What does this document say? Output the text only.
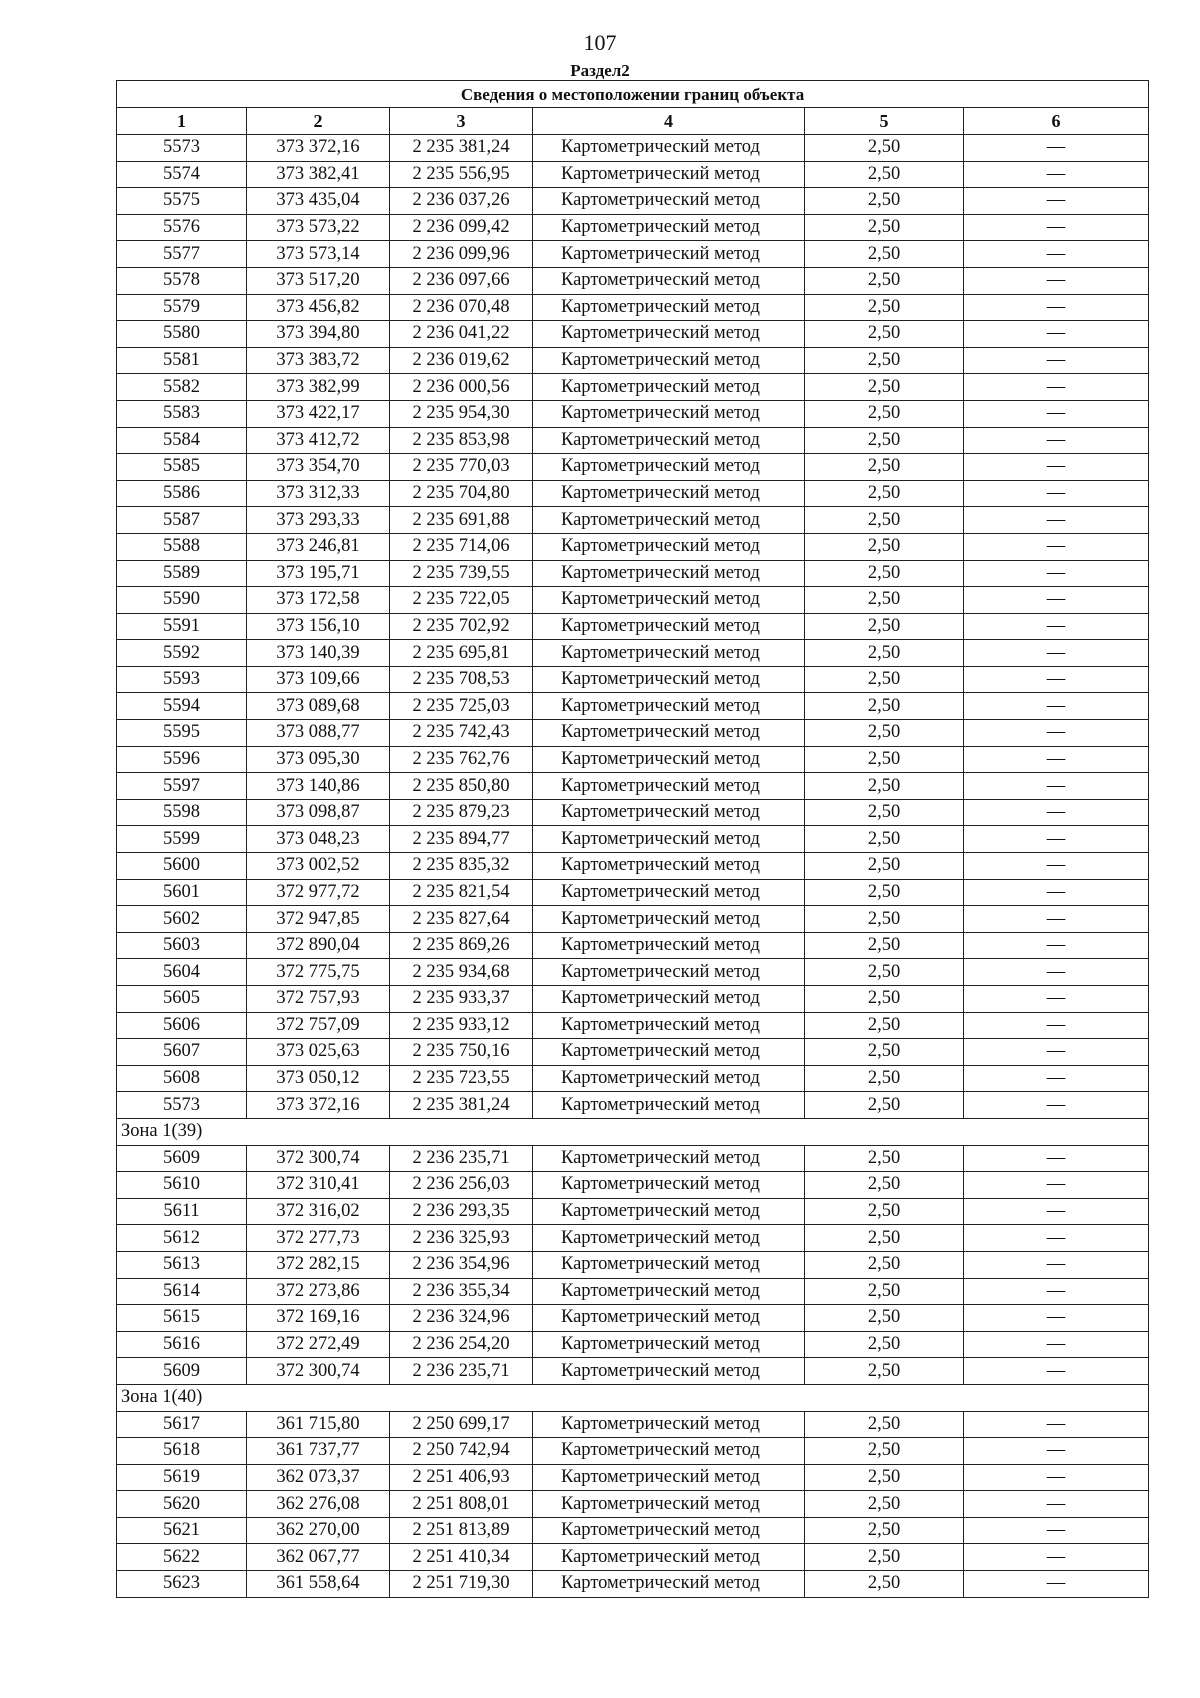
107
Раздел2
Сведения о местоположении границ объекта					
1	2	3	4	5	6
5573	373 372,16	2 235 381,24	Картометрический метод	2,50	—
5574	373 382,41	2 235 556,95	Картометрический метод	2,50	—
5575	373 435,04	2 236 037,26	Картометрический метод	2,50	—
5576	373 573,22	2 236 099,42	Картометрический метод	2,50	—
5577	373 573,14	2 236 099,96	Картометрический метод	2,50	—
5578	373 517,20	2 236 097,66	Картометрический метод	2,50	—
5579	373 456,82	2 236 070,48	Картометрический метод	2,50	—
5580	373 394,80	2 236 041,22	Картометрический метод	2,50	—
5581	373 383,72	2 236 019,62	Картометрический метод	2,50	—
5582	373 382,99	2 236 000,56	Картометрический метод	2,50	—
5583	373 422,17	2 235 954,30	Картометрический метод	2,50	—
5584	373 412,72	2 235 853,98	Картометрический метод	2,50	—
5585	373 354,70	2 235 770,03	Картометрический метод	2,50	—
5586	373 312,33	2 235 704,80	Картометрический метод	2,50	—
5587	373 293,33	2 235 691,88	Картометрический метод	2,50	—
5588	373 246,81	2 235 714,06	Картометрический метод	2,50	—
5589	373 195,71	2 235 739,55	Картометрический метод	2,50	—
5590	373 172,58	2 235 722,05	Картометрический метод	2,50	—
5591	373 156,10	2 235 702,92	Картометрический метод	2,50	—
5592	373 140,39	2 235 695,81	Картометрический метод	2,50	—
5593	373 109,66	2 235 708,53	Картометрический метод	2,50	—
5594	373 089,68	2 235 725,03	Картометрический метод	2,50	—
5595	373 088,77	2 235 742,43	Картометрический метод	2,50	—
5596	373 095,30	2 235 762,76	Картометрический метод	2,50	—
5597	373 140,86	2 235 850,80	Картометрический метод	2,50	—
5598	373 098,87	2 235 879,23	Картометрический метод	2,50	—
5599	373 048,23	2 235 894,77	Картометрический метод	2,50	—
5600	373 002,52	2 235 835,32	Картометрический метод	2,50	—
5601	372 977,72	2 235 821,54	Картометрический метод	2,50	—
5602	372 947,85	2 235 827,64	Картометрический метод	2,50	—
5603	372 890,04	2 235 869,26	Картометрический метод	2,50	—
5604	372 775,75	2 235 934,68	Картометрический метод	2,50	—
5605	372 757,93	2 235 933,37	Картометрический метод	2,50	—
5606	372 757,09	2 235 933,12	Картометрический метод	2,50	—
5607	373 025,63	2 235 750,16	Картометрический метод	2,50	—
5608	373 050,12	2 235 723,55	Картометрический метод	2,50	—
5573	373 372,16	2 235 381,24	Картометрический метод	2,50	—
Зона 1(39)					
5609	372 300,74	2 236 235,71	Картометрический метод	2,50	—
5610	372 310,41	2 236 256,03	Картометрический метод	2,50	—
5611	372 316,02	2 236 293,35	Картометрический метод	2,50	—
5612	372 277,73	2 236 325,93	Картометрический метод	2,50	—
5613	372 282,15	2 236 354,96	Картометрический метод	2,50	—
5614	372 273,86	2 236 355,34	Картометрический метод	2,50	—
5615	372 169,16	2 236 324,96	Картометрический метод	2,50	—
5616	372 272,49	2 236 254,20	Картометрический метод	2,50	—
5609	372 300,74	2 236 235,71	Картометрический метод	2,50	—
Зона 1(40)					
5617	361 715,80	2 250 699,17	Картометрический метод	2,50	—
5618	361 737,77	2 250 742,94	Картометрический метод	2,50	—
5619	362 073,37	2 251 406,93	Картометрический метод	2,50	—
5620	362 276,08	2 251 808,01	Картометрический метод	2,50	—
5621	362 270,00	2 251 813,89	Картометрический метод	2,50	—
5622	362 067,77	2 251 410,34	Картометрический метод	2,50	—
5623	361 558,64	2 251 719,30	Картометрический метод	2,50	—
